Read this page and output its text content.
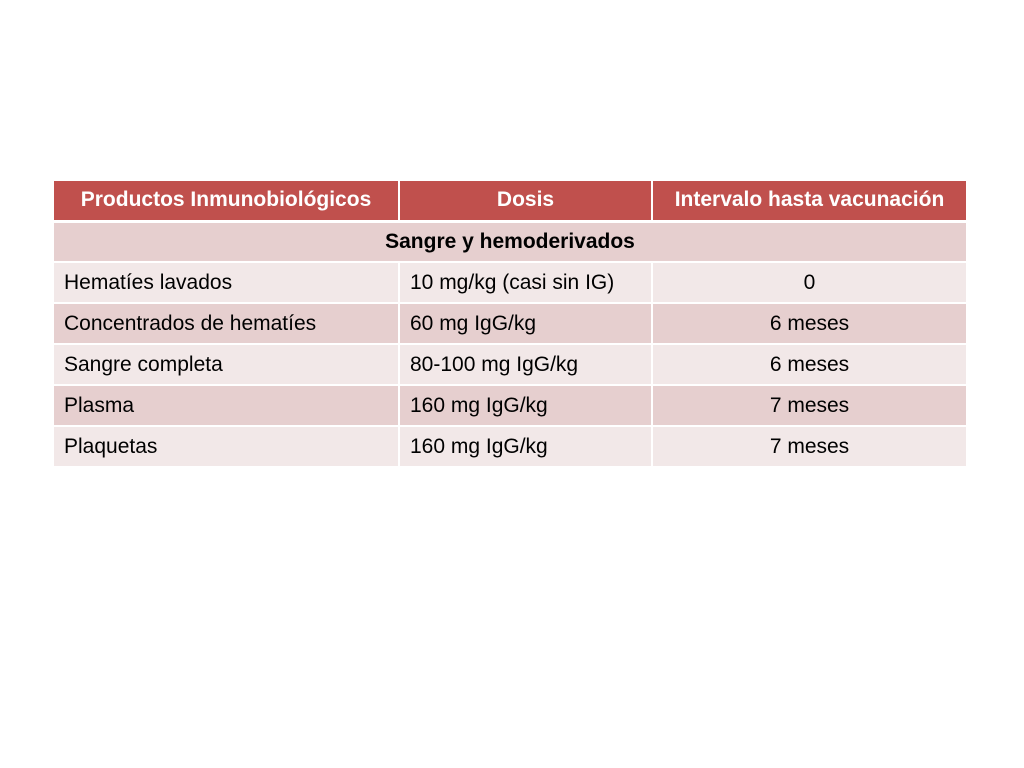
Productos Inmunobiológicos	Dosis	Intervalo hasta vacunación
Sangre y hemoderivados		
Hematíes lavados	10 mg/kg (casi sin IG)	0
Concentrados de hematíes	60 mg IgG/kg	6 meses
Sangre completa	80-100 mg IgG/kg	6 meses
Plasma	160 mg IgG/kg	7 meses
Plaquetas	160 mg IgG/kg	7 meses
